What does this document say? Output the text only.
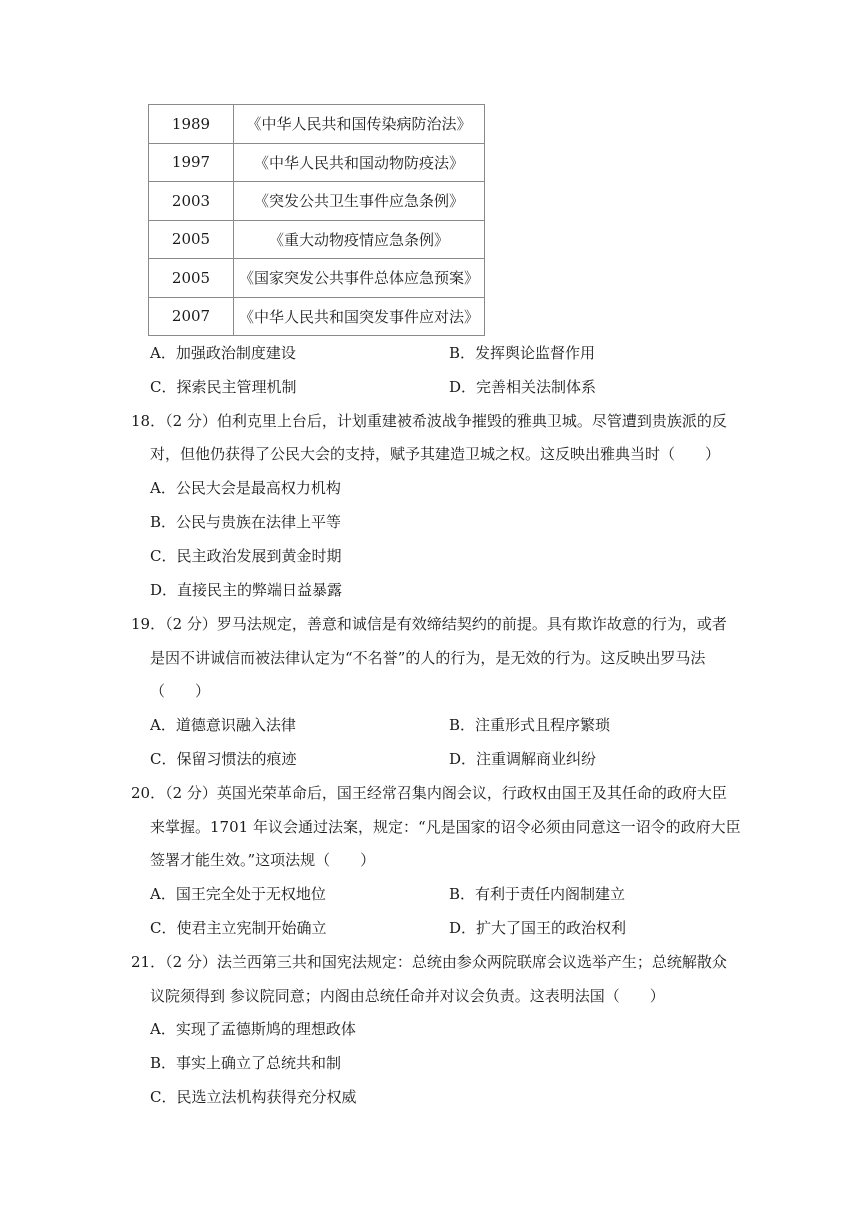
1989	《中华人民共和国传染病防治法》
1997	《中华人民共和国动物防疫法》
2003	《突发公共卫生事件应急条例》
2005	《重大动物疫情应急条例》
2005	《国家突发公共事件总体应急预案》
2007	《中华人民共和国突发事件应对法》
A．加强政治制度建设	B．发挥舆论监督作用
C．探索民主管理机制	D．完善相关法制体系
18．（2 分）伯利克里上台后，计划重建被希波战争摧毁的雅典卫城。尽管遭到贵族派的反
对，但他仍获得了公民大会的支持，赋予其建造卫城之权。这反映出雅典当时（　　）
A．公民大会是最高权力机构
B．公民与贵族在法律上平等
C．民主政治发展到黄金时期
D．直接民主的弊端日益暴露
19．（2 分）罗马法规定，善意和诚信是有效缔结契约的前提。具有欺诈故意的行为，或者
是因不讲诚信而被法律认定为“不名誉”的人的行为，是无效的行为。这反映出罗马法
（　　）
A．道德意识融入法律	B．注重形式且程序繁琐
C．保留习惯法的痕迹	D．注重调解商业纠纷
20．（2 分）英国光荣革命后，国王经常召集内阁会议，行政权由国王及其任命的政府大臣
来掌握。1701 年议会通过法案，规定：“凡是国家的诏令必须由同意这一诏令的政府大臣
签署才能生效。”这项法规（　　）
A．国王完全处于无权地位	B．有利于责任内阁制建立
C．使君主立宪制开始确立	D．扩大了国王的政治权利
21．（2 分）法兰西第三共和国宪法规定：总统由参众两院联席会议选举产生；总统解散众
议院须得到 参议院同意；内阁由总统任命并对议会负责。这表明法国（　　）
A．实现了孟德斯鸠的理想政体
B．事实上确立了总统共和制
C．民选立法机构获得充分权威
